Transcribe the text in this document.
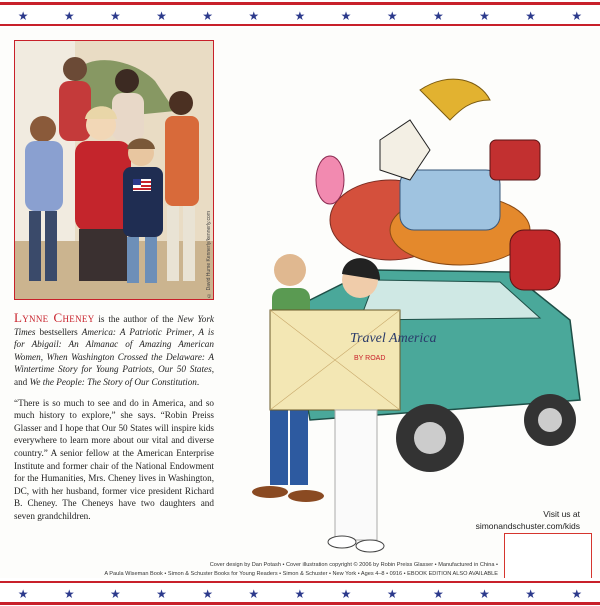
★	★	★	★	★	★	★	★	★	★	★	★	★
© David Hume Kennerly/kennerly.com

Lynne Cheney is the author of the New York Times bestsellers America: A Patriotic Primer, A is for Abigail: An Almanac of Amazing American Women, When Washington Crossed the Delaware: A Wintertime Story for Young Patriots, Our 50 States, and We the People: The Story of Our Constitution.

“There is so much to see and do in America, and so much history to explore,” she says. “Robin Preiss Glasser and I hope that Our 50 States will inspire kids everywhere to learn more about our vital and diverse country.” A senior fellow at the American Enterprise Institute and former chair of the National Endowment for the Humanities, Mrs. Cheney lives in Washington, DC, with her husband, former vice president Richard B. Cheney. The Cheneys have two daughters and seven grandchildren.

Travel America
BY ROAD
Visit us at
simonandschuster.com/kids
Cover design by Dan Potash • Cover illustration copyright © 2006 by Robin Preiss Glasser • Manufactured in China •
A Paula Wiseman Book • Simon & Schuster Books for Young Readers • Simon & Schuster • New York • Ages 4–8 • 0916 • EBOOK EDITION ALSO AVAILABLE
★	★	★	★	★	★	★	★	★	★	★	★	★
